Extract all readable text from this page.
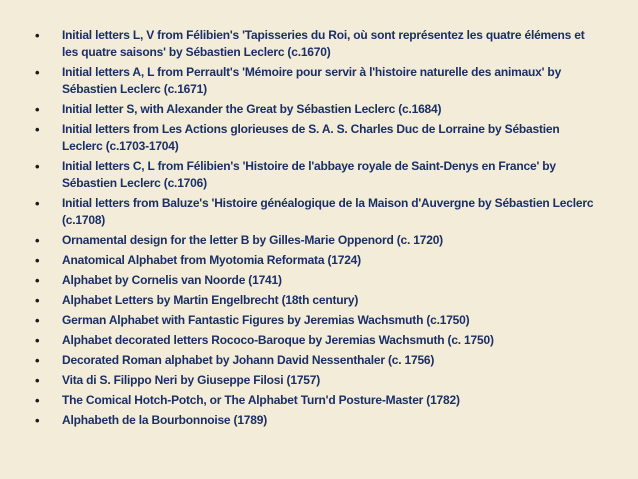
•	Initial letters L, V from Félibien's 'Tapisseries du Roi, où sont représentez les quatre élémens et les quatre saisons' by Sébastien Leclerc (c.1670)
•	Initial letters A, L from Perrault's 'Mémoire pour servir à l'histoire naturelle des animaux' by Sébastien Leclerc (c.1671)
•	Initial letter S, with Alexander the Great by Sébastien Leclerc (c.1684)
•	Initial letters from Les Actions glorieuses de S. A. S. Charles Duc de Lorraine by Sébastien Leclerc (c.1703-1704)
•	Initial letters C, L from Félibien's 'Histoire de l'abbaye royale de Saint-Denys en France' by Sébastien Leclerc (c.1706)
•	Initial letters from Baluze's 'Histoire généalogique de la Maison d'Auvergne by Sébastien Leclerc (c.1708)
•	Ornamental design for the letter B by Gilles-Marie Oppenord (c. 1720)
•	Anatomical Alphabet from Myotomia Reformata (1724)
•	Alphabet by Cornelis van Noorde (1741)
•	Alphabet Letters by Martin Engelbrecht (18th century)
•	German Alphabet with Fantastic Figures by Jeremias Wachsmuth (c.1750)
•	Alphabet decorated letters Rococo-Baroque by Jeremias Wachsmuth (c. 1750)
•	Decorated Roman alphabet by Johann David Nessenthaler (c. 1756)
•	Vita di S. Filippo Neri by Giuseppe Filosi (1757)
•	The Comical Hotch-Potch, or The Alphabet Turn'd Posture-Master (1782)
•	Alphabeth de la Bourbonnoise (1789)
